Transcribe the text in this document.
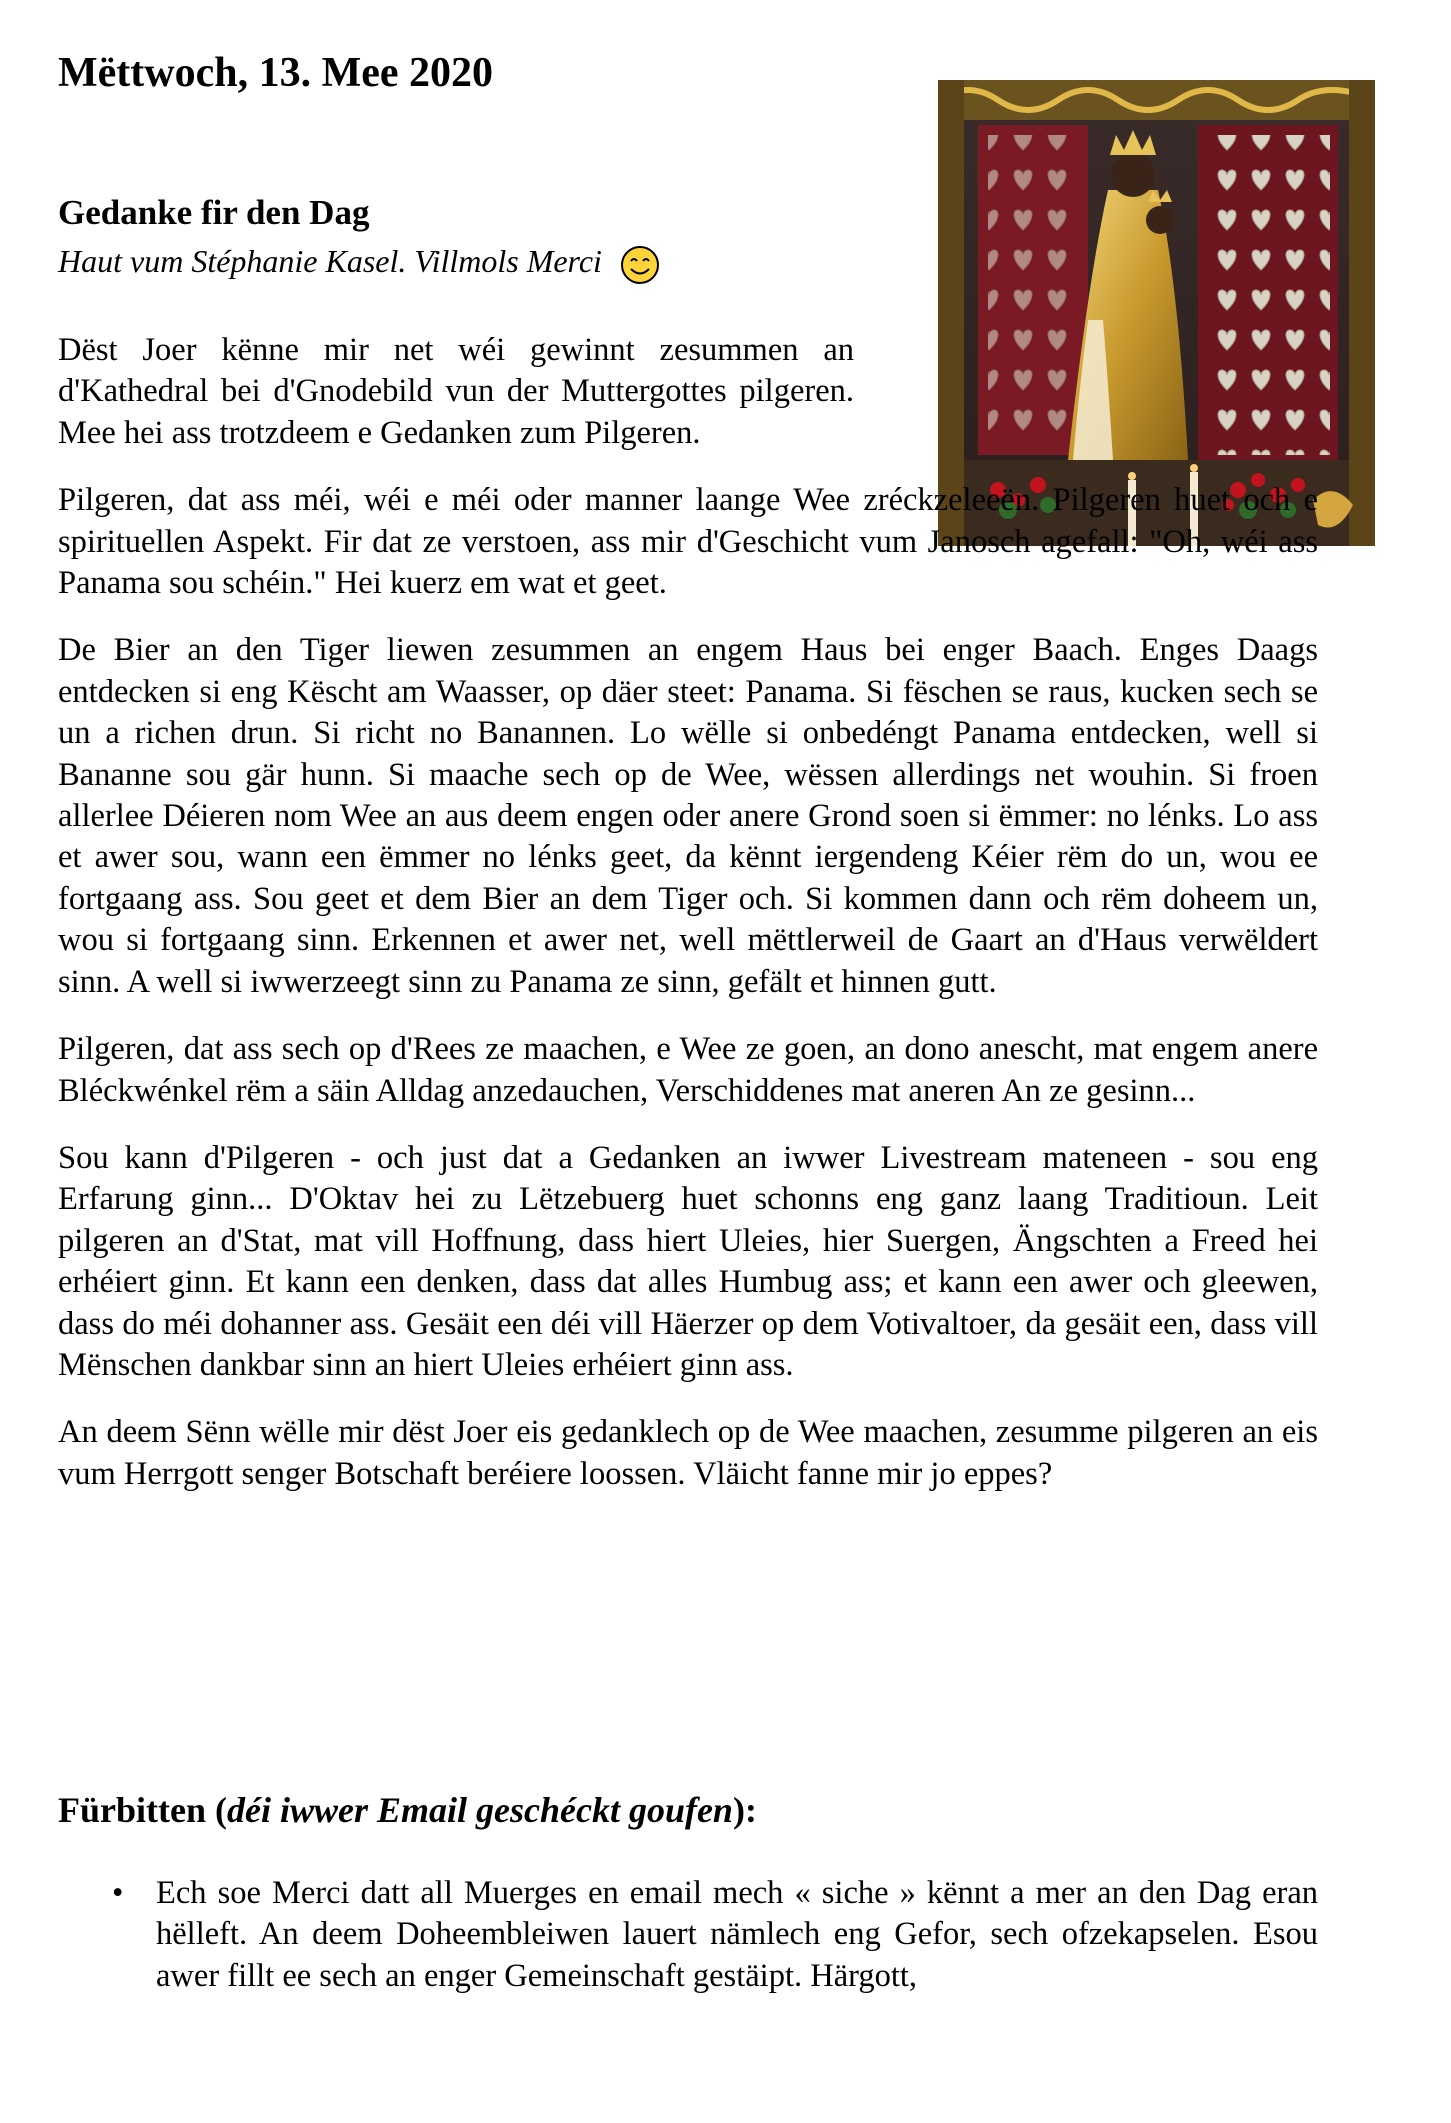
Mëttwoch, 13. Mee 2020
Gedanke fir den Dag
Haut vum Stéphanie Kasel. Villmols Merci

Dëst Joer kënne mir net wéi gewinnt zesummen an d'Kathedral bei d'Gnodebild vun der Muttergottes pilgeren. Mee hei ass trotzdeem e Gedanken zum Pilgeren.

Pilgeren, dat ass méi, wéi e méi oder manner laange Wee zréckzeleeën. Pilgeren huet och e spirituellen Aspekt. Fir dat ze verstoen, ass mir d'Geschicht vum Janosch agefall: "Oh, wéi ass Panama sou schéin." Hei kuerz em wat et geet.

De Bier an den Tiger liewen zesummen an engem Haus bei enger Baach. Enges Daags entdecken si eng Këscht am Waasser, op däer steet: Panama. Si fëschen se raus, kucken sech se un a richen drun. Si richt no Banannen. Lo wëlle si onbedéngt Panama entdecken, well si Bananne sou gär hunn. Si maache sech op de Wee, wëssen allerdings net wouhin. Si froen allerlee Déieren nom Wee an aus deem engen oder anere Grond soen si ëmmer: no lénks. Lo ass et awer sou, wann een ëmmer no lénks geet, da kënnt iergendeng Kéier rëm do un, wou ee fortgaang ass. Sou geet et dem Bier an dem Tiger och. Si kommen dann och rëm doheem un, wou si fortgaang sinn. Erkennen et awer net, well mëttlerweil de Gaart an d'Haus verwëldert sinn. A well si iwwerzeegt sinn zu Panama ze sinn, gefält et hinnen gutt.

Pilgeren, dat ass sech op d'Rees ze maachen, e Wee ze goen, an dono anescht, mat engem anere Bléckwénkel rëm a säin Alldag anzedauchen, Verschiddenes mat aneren An ze gesinn...

Sou kann d'Pilgeren - och just dat a Gedanken an iwwer Livestream mateneen - sou eng Erfarung ginn... D'Oktav hei zu Lëtzebuerg huet schonns eng ganz laang Traditioun. Leit pilgeren an d'Stat, mat vill Hoffnung, dass hiert Uleies, hier Suergen, Ängschten a Freed hei erhéiert ginn. Et kann een denken, dass dat alles Humbug ass; et kann een awer och gleewen, dass do méi dohanner ass. Gesäit een déi vill Häerzer op dem Votivaltoer, da gesäit een, dass vill Mënschen dankbar sinn an hiert Uleies erhéiert ginn ass.

An deem Sënn wëlle mir dëst Joer eis gedanklech op de Wee maachen, zesumme pilgeren an eis vum Herrgott senger Botschaft beréiere loossen. Vläicht fanne mir jo eppes?

Fürbitten (déi iwwer Email geschéckt goufen):
• Ech soe Merci datt all Muerges en email mech « siche » kënnt a mer an den Dag eran hëlleft. An deem Doheembleiwen lauert nämlech eng Gefor, sech ofzekapselen. Esou awer fillt ee sech an enger Gemeinschaft gestäipt. Härgott,
